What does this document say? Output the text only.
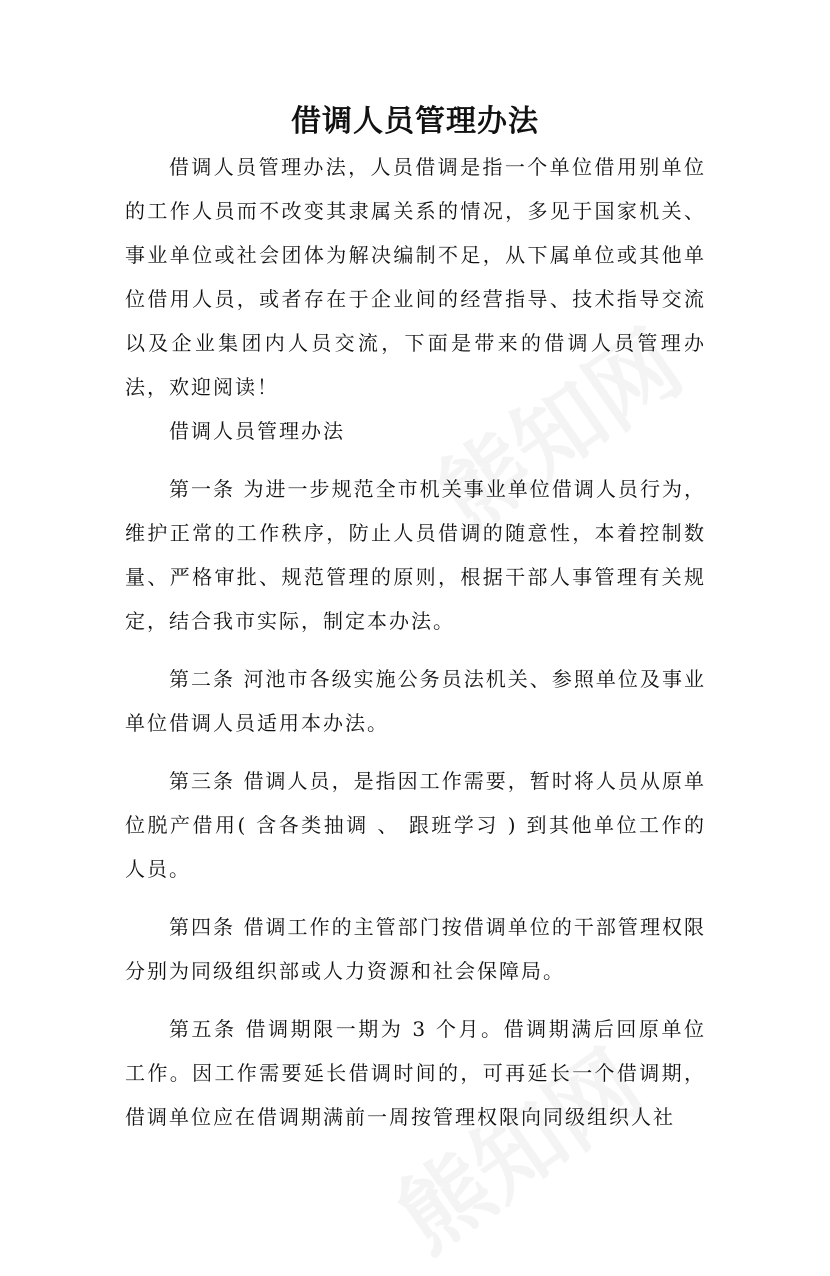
借调人员管理办法

借调人员管理办法，人员借调是指一个单位借用别单位的工作人员而不改变其隶属关系的情况，多见于国家机关、事业单位或社会团体为解决编制不足，从下属单位或其他单位借用人员，或者存在于企业间的经营指导、技术指导交流以及企业集团内人员交流，下面是带来的借调人员管理办法，欢迎阅读！

借调人员管理办法

第一条 为进一步规范全市机关事业单位借调人员行为，维护正常的工作秩序，防止人员借调的随意性，本着控制数量、严格审批、规范管理的原则，根据干部人事管理有关规定，结合我市实际，制定本办法。

第二条 河池市各级实施公务员法机关、参照单位及事业单位借调人员适用本办法。

第三条 借调人员，是指因工作需要，暂时将人员从原单位脱产借用( 含各类抽调 、 跟班学习 ) 到其他单位工作的人员。

第四条 借调工作的主管部门按借调单位的干部管理权限分别为同级组织部或人力资源和社会保障局。

第五条 借调期限一期为 3 个月。借调期满后回原单位工作。因工作需要延长借调时间的，可再延长一个借调期，借调单位应在借调期满前一周按管理权限向同级组织人社
